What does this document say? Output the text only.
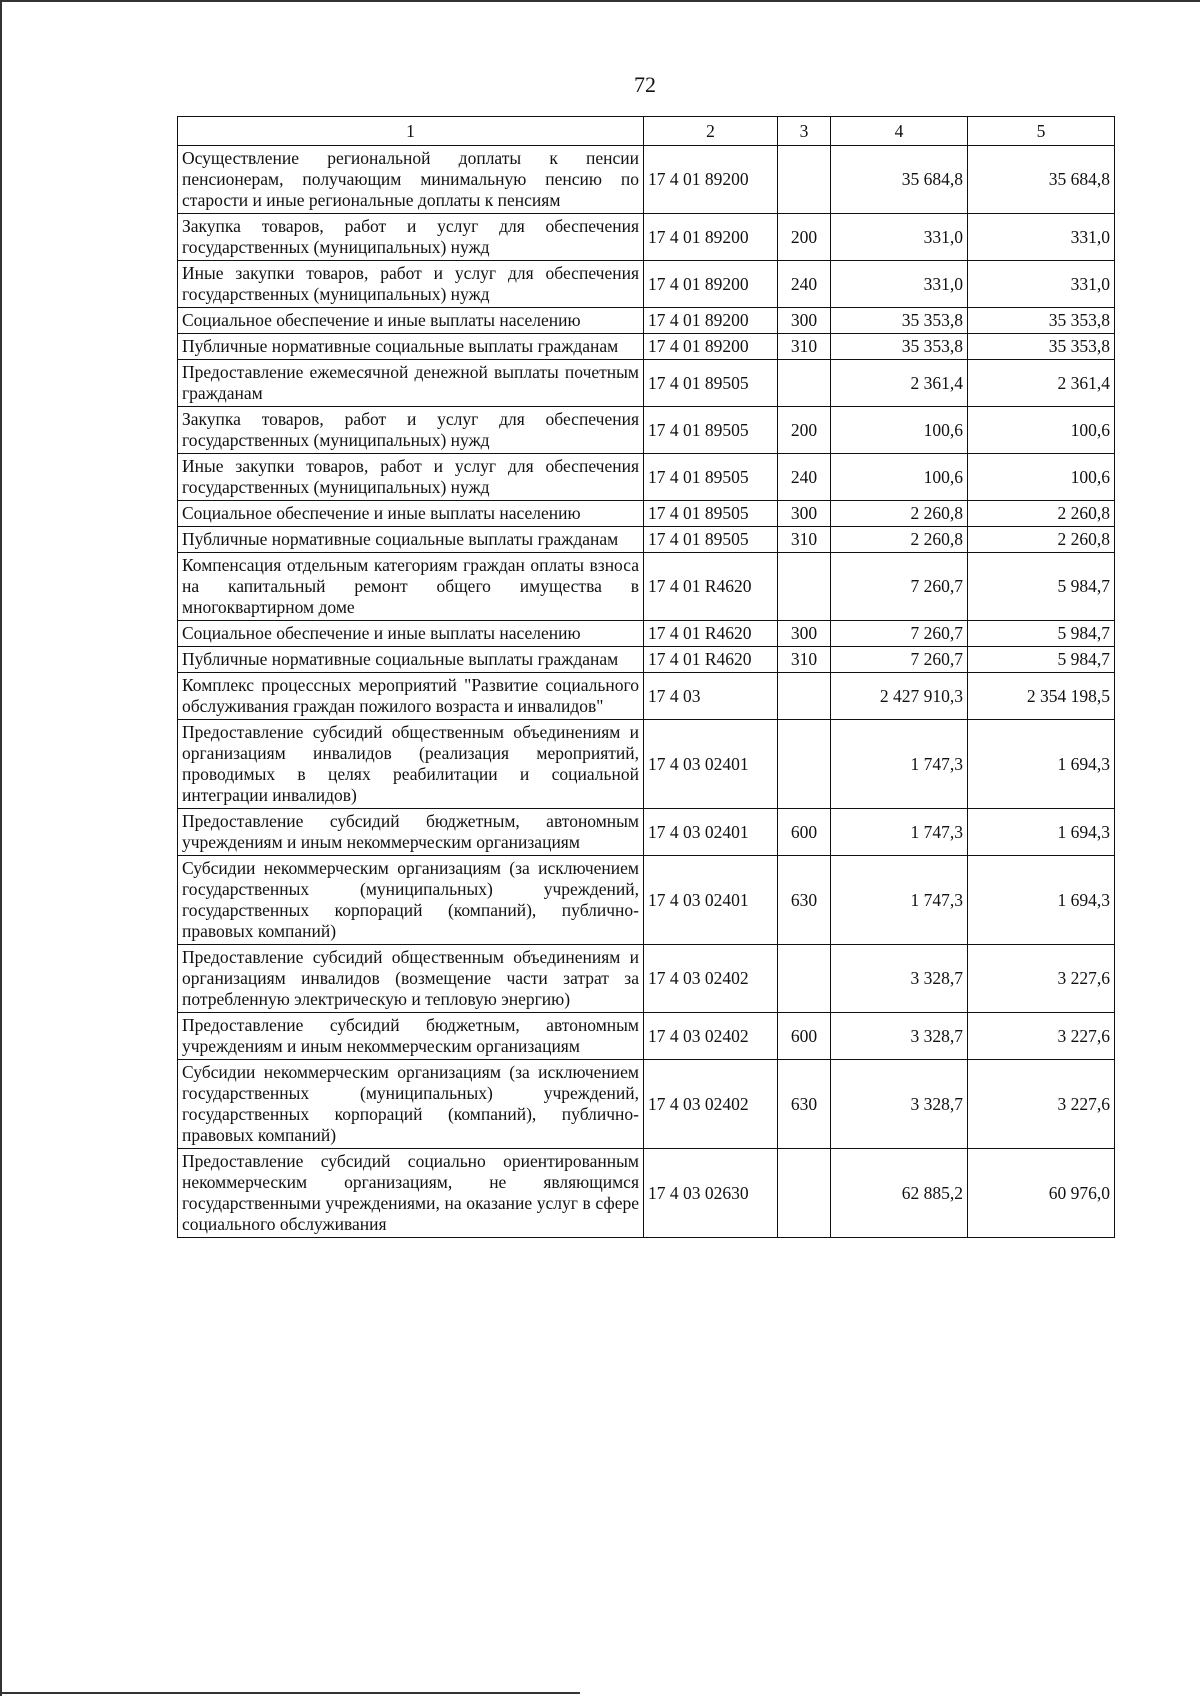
72
1	2	3	4	5
Осуществление региональной доплаты к пенсии пенсионерам, получающим минимальную пенсию по старости и иные региональные доплаты к пенсиям	17 4 01 89200		35 684,8	35 684,8
Закупка товаров, работ и услуг для обеспечения государственных (муниципальных) нужд	17 4 01 89200	200	331,0	331,0
Иные закупки товаров, работ и услуг для обеспечения государственных (муниципальных) нужд	17 4 01 89200	240	331,0	331,0
Социальное обеспечение и иные выплаты населению	17 4 01 89200	300	35 353,8	35 353,8
Публичные нормативные социальные выплаты гражданам	17 4 01 89200	310	35 353,8	35 353,8
Предоставление ежемесячной денежной выплаты почетным гражданам	17 4 01 89505		2 361,4	2 361,4
Закупка товаров, работ и услуг для обеспечения государственных (муниципальных) нужд	17 4 01 89505	200	100,6	100,6
Иные закупки товаров, работ и услуг для обеспечения государственных (муниципальных) нужд	17 4 01 89505	240	100,6	100,6
Социальное обеспечение и иные выплаты населению	17 4 01 89505	300	2 260,8	2 260,8
Публичные нормативные социальные выплаты гражданам	17 4 01 89505	310	2 260,8	2 260,8
Компенсация отдельным категориям граждан оплаты взноса на капитальный ремонт общего имущества в многоквартирном доме	17 4 01 R4620		7 260,7	5 984,7
Социальное обеспечение и иные выплаты населению	17 4 01 R4620	300	7 260,7	5 984,7
Публичные нормативные социальные выплаты гражданам	17 4 01 R4620	310	7 260,7	5 984,7
Комплекс процессных мероприятий "Развитие социального обслуживания граждан пожилого возраста и инвалидов"	17 4 03		2 427 910,3	2 354 198,5
Предоставление субсидий общественным объединениям и организациям инвалидов (реализация мероприятий, проводимых в целях реабилитации и социальной интеграции инвалидов)	17 4 03 02401		1 747,3	1 694,3
Предоставление субсидий бюджетным, автономным учреждениям и иным некоммерческим организациям	17 4 03 02401	600	1 747,3	1 694,3
Субсидии некоммерческим организациям (за исключением государственных (муниципальных) учреждений, государственных корпораций (компаний), публично-правовых компаний)	17 4 03 02401	630	1 747,3	1 694,3
Предоставление субсидий общественным объединениям и организациям инвалидов (возмещение части затрат за потребленную электрическую и тепловую энергию)	17 4 03 02402		3 328,7	3 227,6
Предоставление субсидий бюджетным, автономным учреждениям и иным некоммерческим организациям	17 4 03 02402	600	3 328,7	3 227,6
Субсидии некоммерческим организациям (за исключением государственных (муниципальных) учреждений, государственных корпораций (компаний), публично-правовых компаний)	17 4 03 02402	630	3 328,7	3 227,6
Предоставление субсидий социально ориентированным некоммерческим организациям, не являющимся государственными учреждениями, на оказание услуг в сфере социального обслуживания	17 4 03 02630		62 885,2	60 976,0
